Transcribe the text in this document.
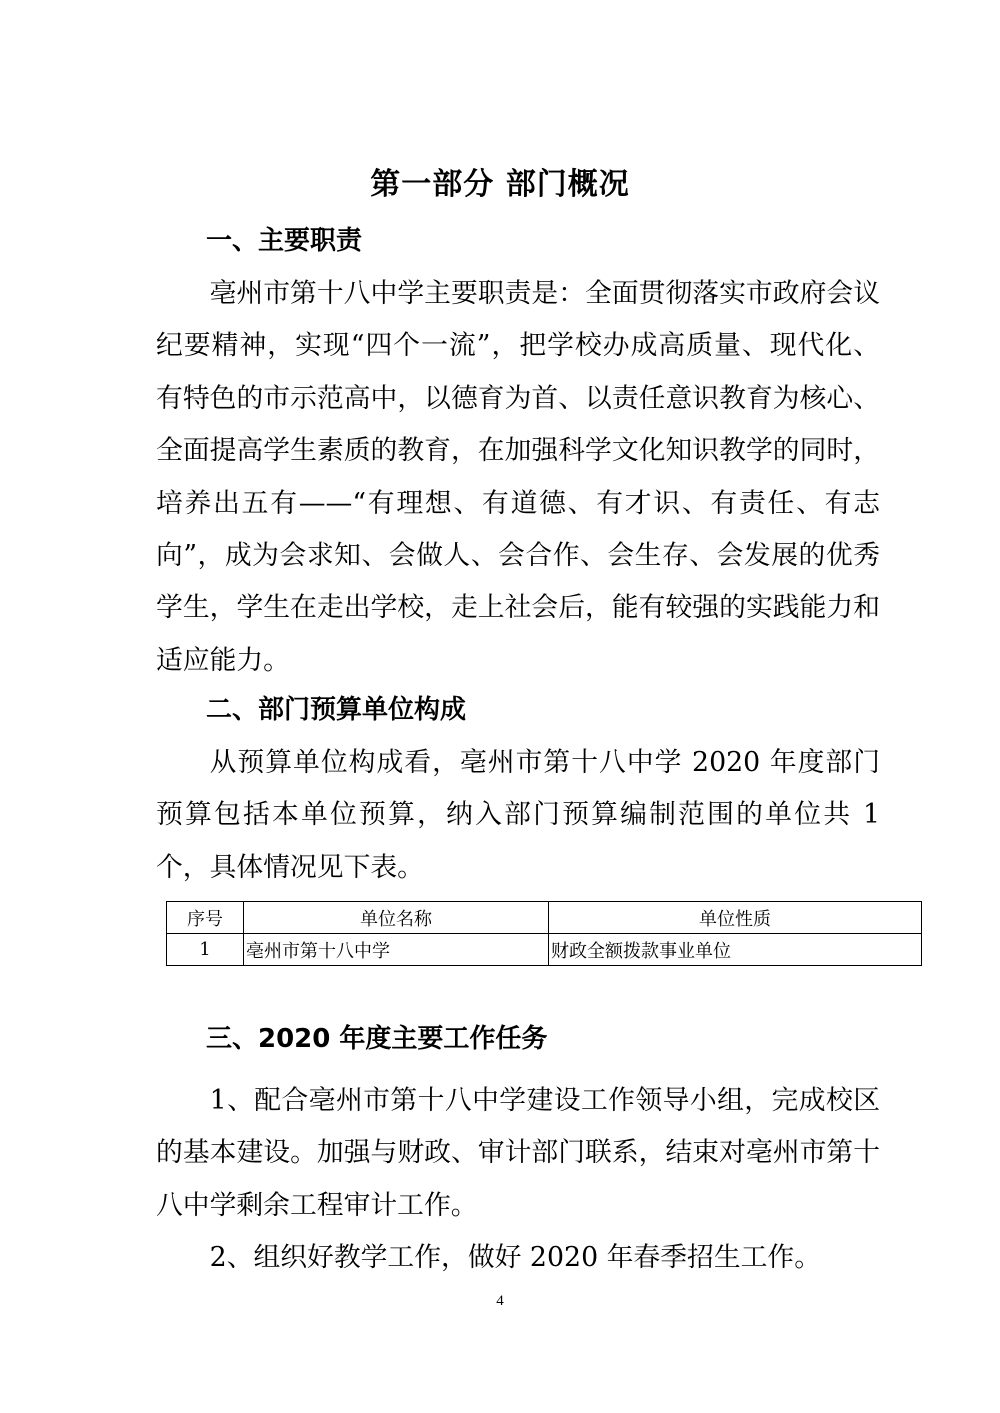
第一部分 部门概况
一、主要职责

亳州市第十八中学主要职责是：全面贯彻落实市政府会议纪要精神，实现“四个一流”，把学校办成高质量、现代化、有特色的市示范高中，以德育为首、以责任意识教育为核心、全面提高学生素质的教育，在加强科学文化知识教学的同时，培养出五有——“有理想、有道德、有才识、有责任、有志向”，成为会求知、会做人、会合作、会生存、会发展的优秀学生，学生在走出学校，走上社会后，能有较强的实践能力和适应能力。

二、部门预算单位构成

从预算单位构成看，亳州市第十八中学 2020 年度部门预算包括本单位预算，纳入部门预算编制范围的单位共 1 个，具体情况见下表。

序号	单位名称	单位性质
1	亳州市第十八中学	财政全额拨款事业单位
三、2020 年度主要工作任务

1、配合亳州市第十八中学建设工作领导小组，完成校区的基本建设。加强与财政、审计部门联系，结束对亳州市第十八中学剩余工程审计工作。

2、组织好教学工作，做好 2020 年春季招生工作。

4
